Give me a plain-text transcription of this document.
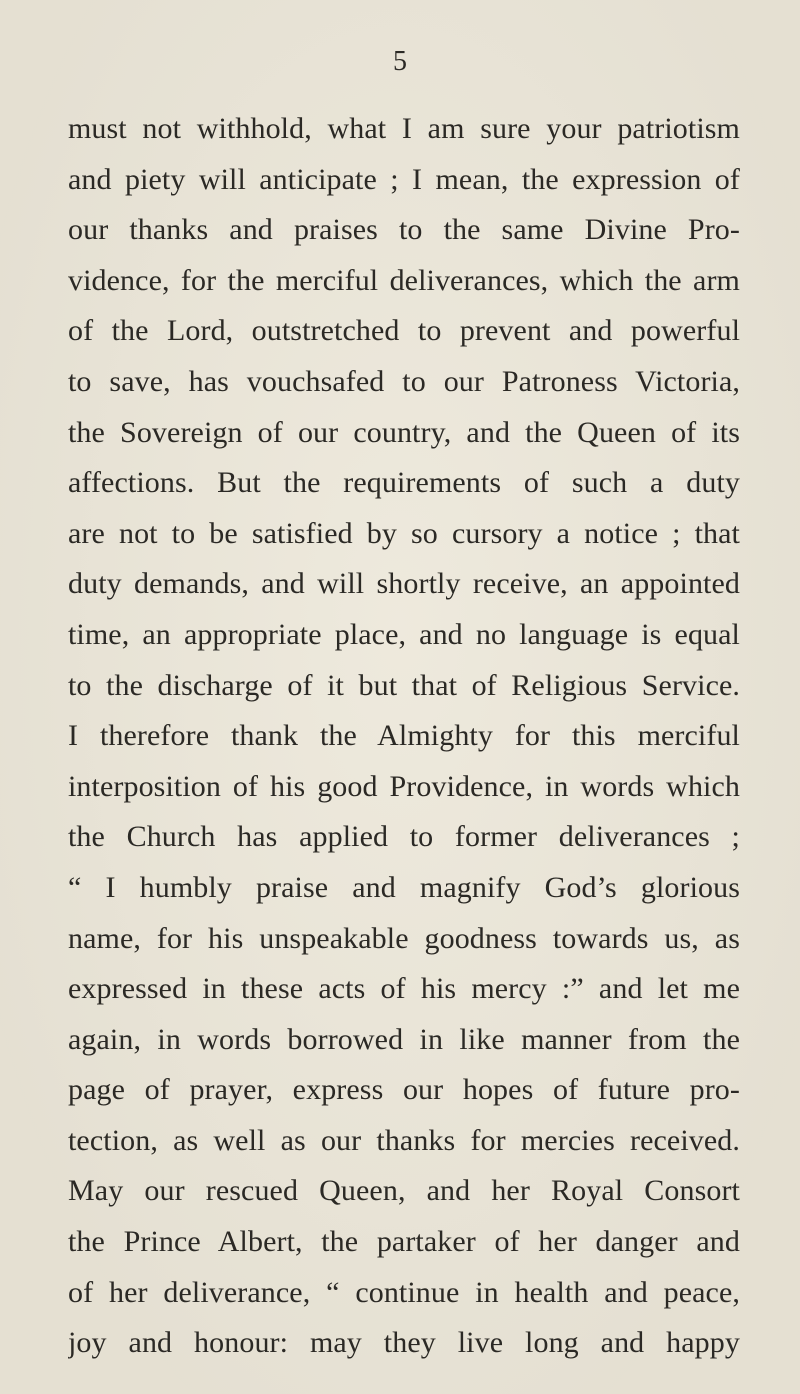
5
must not withhold, what I am sure your patriotism
and piety will anticipate ; I mean, the expression of
our thanks and praises to the same Divine Pro-
vidence, for the merciful deliverances, which the arm
of the Lord, outstretched to prevent and powerful
to save, has vouchsafed to our Patroness Victoria,
the Sovereign of our country, and the Queen of its
affections. But the requirements of such a duty
are not to be satisfied by so cursory a notice ; that
duty demands, and will shortly receive, an appointed
time, an appropriate place, and no language is equal
to the discharge of it but that of Religious Service.
I therefore thank the Almighty for this merciful
interposition of his good Providence, in words which
the Church has applied to former deliverances ;
“ I humbly praise and magnify God’s glorious
name, for his unspeakable goodness towards us, as
expressed in these acts of his mercy :” and let me
again, in words borrowed in like manner from the
page of prayer, express our hopes of future pro-
tection, as well as our thanks for mercies received.
May our rescued Queen, and her Royal Consort
the Prince Albert, the partaker of her danger and
of her deliverance, “ continue in health and peace,
joy and honour: may they live long and happy
